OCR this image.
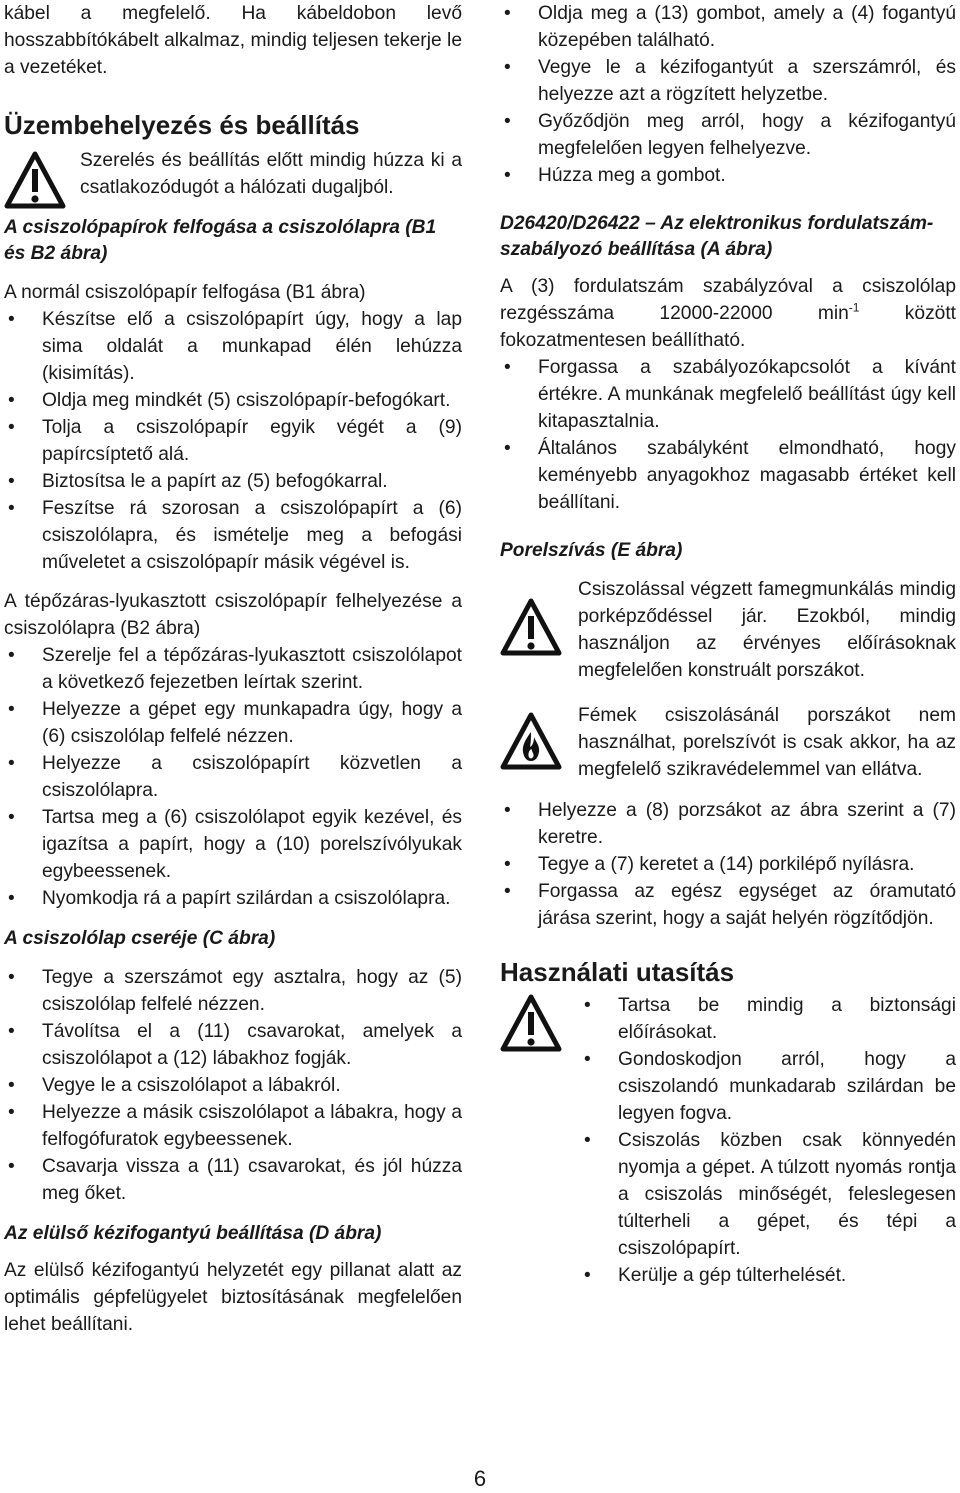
kábel a megfelelő. Ha kábeldobon levő hosszabbítókábelt alkalmaz, mindig teljesen tekerje le a vezetéket.

Üzembehelyezés és beállítás

Szerelés és beállítás előtt mindig húzza ki a csatlakozódugót a hálózati dugaljból.

A csiszolópapírok felfogása a csiszolólapra (B1 és B2 ábra)

A normál csiszolópapír felfogása (B1 ábra)

• Készítse elő a csiszolópapírt úgy, hogy a lap sima oldalát a munkapad élén lehúzza (kisimítás).
• Oldja meg mindkét (5) csiszolópapír-befogókart.
• Tolja a csiszolópapír egyik végét a (9) papírcsíptető alá.
• Biztosítsa le a papírt az (5) befogókarral.
• Feszítse rá szorosan a csiszolópapírt a (6) csiszolólapra, és ismételje meg a befogási műveletet a csiszolópapír másik végével is.

A tépőzáras-lyukasztott csiszolópapír felhelyezése a csiszolólapra (B2 ábra)

• Szerelje fel a tépőzáras-lyukasztott csiszolólapot a következő fejezetben leírtak szerint.
• Helyezze a gépet egy munkapadra úgy, hogy a (6) csiszolólap felfelé nézzen.
• Helyezze a csiszolópapírt közvetlen a csiszolólapra.
• Tartsa meg a (6) csiszolólapot egyik kezével, és igazítsa a papírt, hogy a (10) porelszívólyukak egybeessenek.
• Nyomkodja rá a papírt szilárdan a csiszolólapra.
A csiszolólap cseréje (C ábra)
• Tegye a szerszámot egy asztalra, hogy az (5) csiszolólap felfelé nézzen.
• Távolítsa el a (11) csavarokat, amelyek a csiszolólapot a (12) lábakhoz fogják.
• Vegye le a csiszolólapot a lábakról.
• Helyezze a másik csiszolólapot a lábakra, hogy a felfogófuratok egybeessenek.
• Csavarja vissza a (11) csavarokat, és jól húzza meg őket.
Az elülső kézifogantyú beállítása (D ábra)

Az elülső kézifogantyú helyzetét egy pillanat alatt az optimális gépfelügyelet biztosításának megfelelően lehet beállítani.

• Oldja meg a (13) gombot, amely a (4) fogantyú közepében található.
• Vegye le a kézifogantyút a szerszámról, és helyezze azt a rögzített helyzetbe.
• Győződjön meg arról, hogy a kézifogantyú megfelelően legyen felhelyezve.
• Húzza meg a gombot.
D26420/D26422 – Az elektronikus fordulatszám-szabályozó beállítása (A ábra)

A (3) fordulatszám szabályzóval a csiszolólap rezgésszáma 12000-22000 $\min^{-1}$ között fokozatmentesen beállítható.

• Forgassa a szabályozókapcsolót a kívánt értékre. A munkának megfelelő beállítást úgy kell kitapasztalnia.
• Általános szabályként elmondható, hogy keményebb anyagokhoz magasabb értéket kell beállítani.
Porelszívás (E ábra)

Csiszolással végzett famegmunkálás mindig porképződéssel jár. Ezokból, mindig használjon az érvényes előírásoknak megfelelően konstruált porszákot.

Fémek csiszolásánál porszákot nem használhat, porelszívót is csak akkor, ha az megfelelő szikravédelemmel van ellátva.

• Helyezze a (8) porzsákot az ábra szerint a (7) keretre.
• Tegye a (7) keretet a (14) porkilépő nyílásra.
• Forgassa az egész egységet az óramutató járása szerint, hogy a saját helyén rögzítődjön.
Használati utasítás
• Tartsa be mindig a biztonsági előírásokat.
• Gondoskodjon arról, hogy a csiszolandó munkadarab szilárdan be legyen fogva.
• Csiszolás közben csak könnyedén nyomja a gépet. A túlzott nyomás rontja a csiszolás minőségét, feleslegesen túlterheli a gépet, és tépi a csiszolópapírt.
• Kerülje a gép túlterhelését.
6
